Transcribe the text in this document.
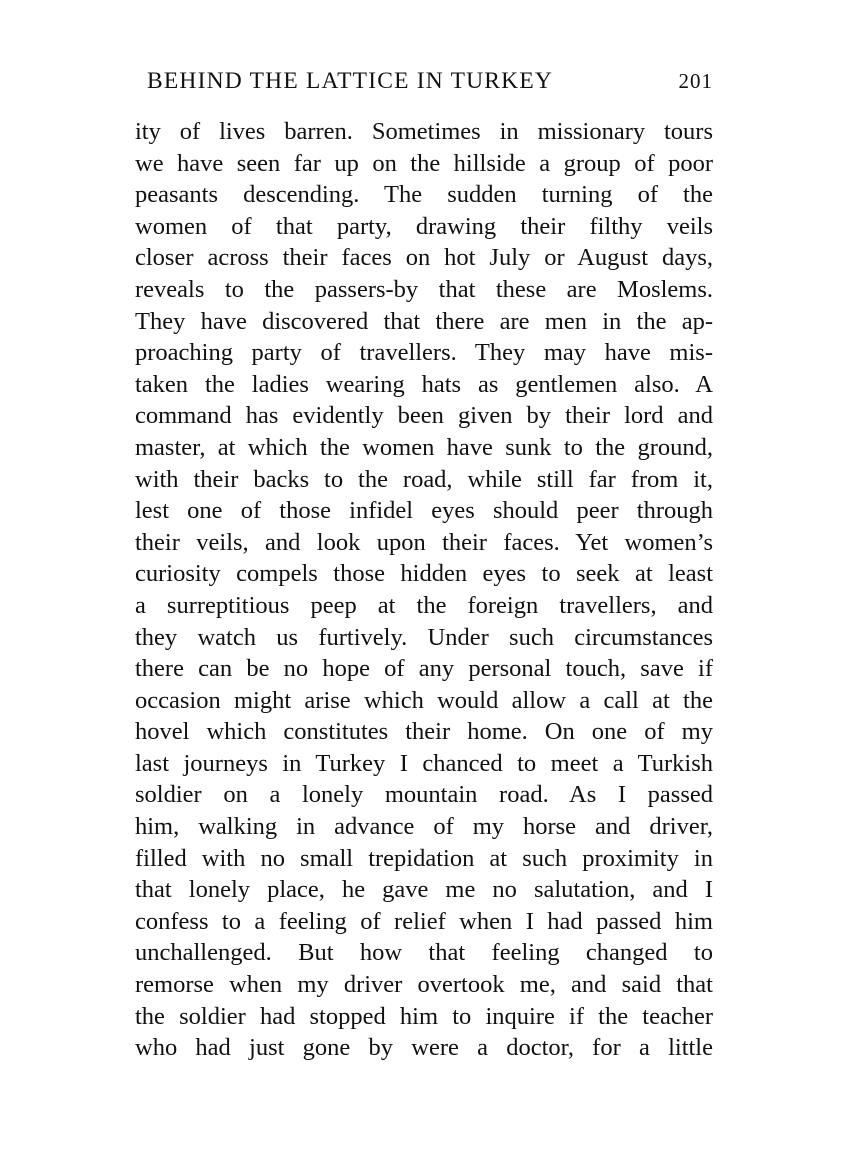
BEHIND THE LATTICE IN TURKEY	201
ity of lives barren. Sometimes in missionary tours
we have seen far up on the hillside a group of poor
peasants descending. The sudden turning of the
women of that party, drawing their filthy veils
closer across their faces on hot July or August days,
reveals to the passers-by that these are Moslems.
They have discovered that there are men in the ap-
proaching party of travellers. They may have mis-
taken the ladies wearing hats as gentlemen also. A
command has evidently been given by their lord and
master, at which the women have sunk to the ground,
with their backs to the road, while still far from it,
lest one of those infidel eyes should peer through
their veils, and look upon their faces. Yet women’s
curiosity compels those hidden eyes to seek at least
a surreptitious peep at the foreign travellers, and
they watch us furtively. Under such circumstances
there can be no hope of any personal touch, save if
occasion might arise which would allow a call at the
hovel which constitutes their home. On one of my
last journeys in Turkey I chanced to meet a Turkish
soldier on a lonely mountain road. As I passed
him, walking in advance of my horse and driver,
filled with no small trepidation at such proximity in
that lonely place, he gave me no salutation, and I
confess to a feeling of relief when I had passed him
unchallenged. But how that feeling changed to
remorse when my driver overtook me, and said that
the soldier had stopped him to inquire if the teacher
who had just gone by were a doctor, for a little
